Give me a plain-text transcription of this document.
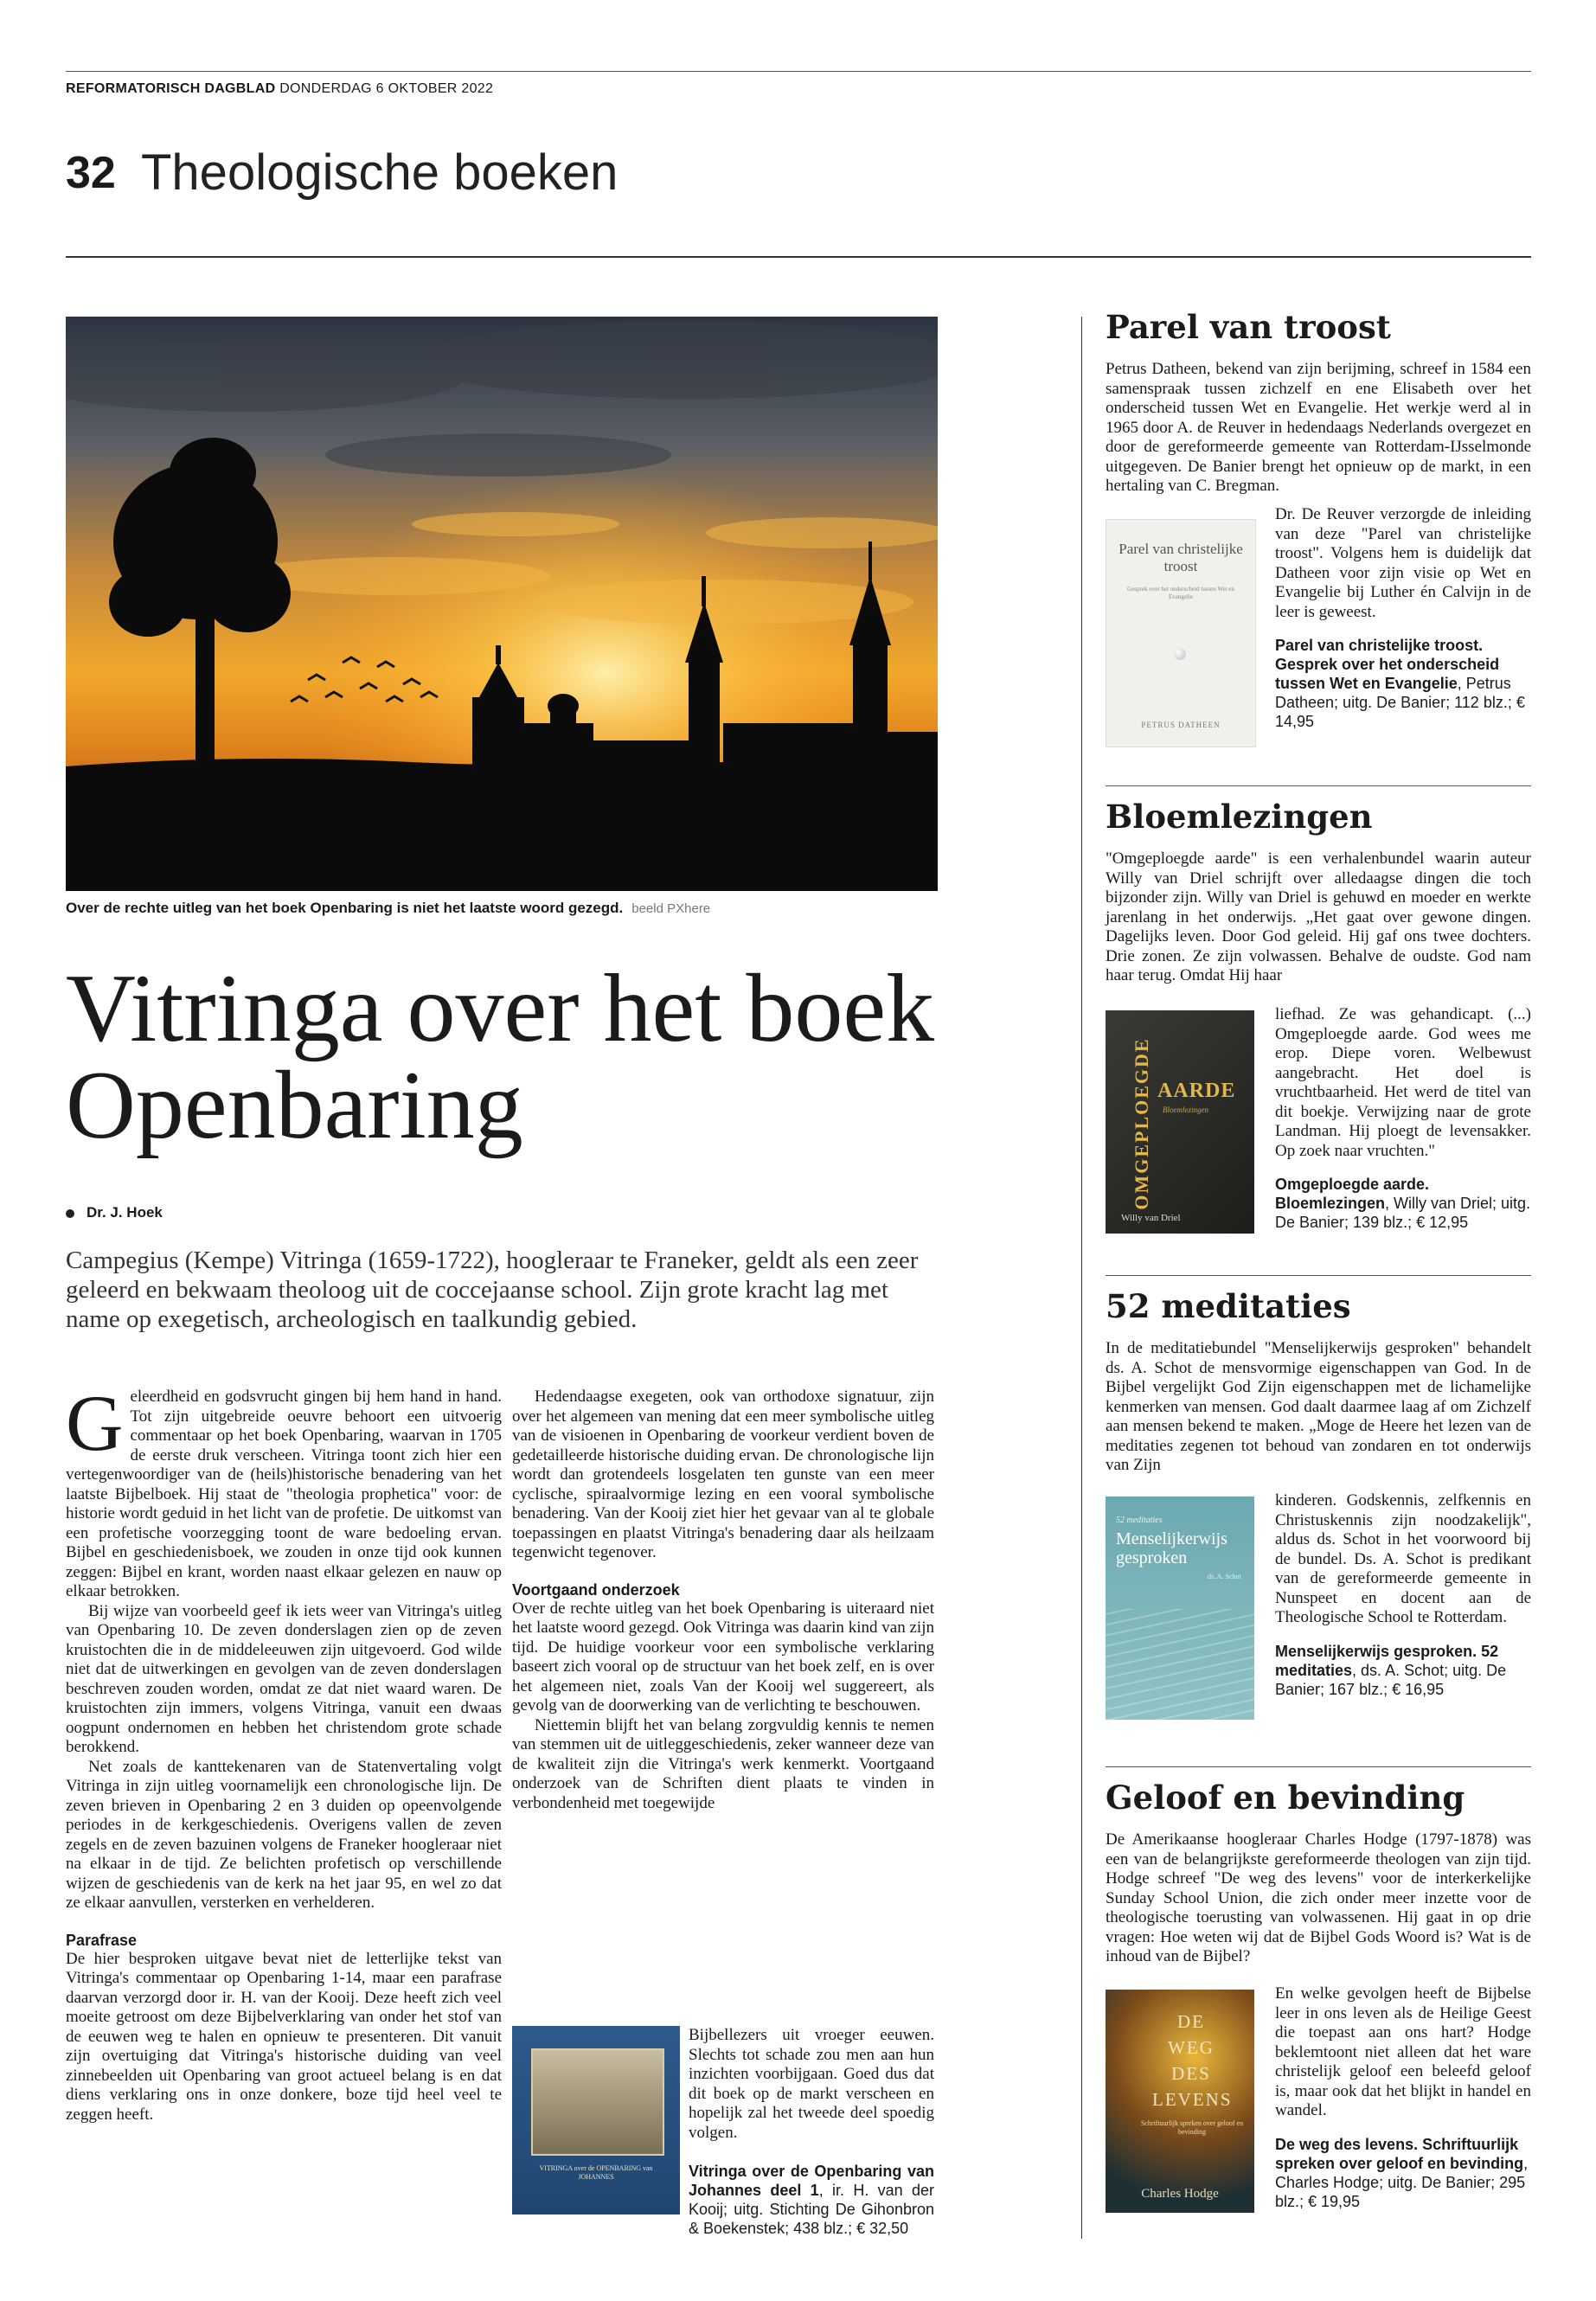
REFORMATORISCH DAGBLAD DONDERDAG 6 OKTOBER 2022
32 Theologische boeken
Over de rechte uitleg van het boek Openbaring is niet het laatste woord gezegd. beeld PXhere
Vitringa over het boek Openbaring
Dr. J. Hoek
Campegius (Kempe) Vitringa (1659-1722), hoogleraar te Franeker, geldt als een zeer geleerd en bekwaam theoloog uit de coccejaanse school. Zijn grote kracht lag met name op exegetisch, archeologisch en taalkundig gebied.

Geleerdheid en godsvrucht gingen bij hem hand in hand. Tot zijn uitgebreide oeuvre behoort een uitvoerig commentaar op het boek Openbaring, waarvan in 1705 de eerste druk verscheen. Vitringa toont zich hier een vertegenwoordiger van de (heils)historische benadering van het laatste Bijbelboek. Hij staat de "theologia prophetica" voor: de historie wordt geduid in het licht van de profetie. De uitkomst van een profetische voorzegging toont de ware bedoeling ervan. Bijbel en geschiedenisboek, we zouden in onze tijd ook kunnen zeggen: Bijbel en krant, worden naast elkaar gelezen en nauw op elkaar betrokken.

Bij wijze van voorbeeld geef ik iets weer van Vitringa's uitleg van Openbaring 10. De zeven donderslagen zien op de zeven kruistochten die in de middeleeuwen zijn uitgevoerd. God wilde niet dat de uitwerkingen en gevolgen van de zeven donderslagen beschreven zouden worden, omdat ze dat niet waard waren. De kruistochten zijn immers, volgens Vitringa, vanuit een dwaas oogpunt ondernomen en hebben het christendom grote schade berokkend.

Net zoals de kanttekenaren van de Statenvertaling volgt Vitringa in zijn uitleg voornamelijk een chronologische lijn. De zeven brieven in Openbaring 2 en 3 duiden op opeenvolgende periodes in de kerkgeschiedenis. Overigens vallen de zeven zegels en de zeven bazuinen volgens de Franeker hoogleraar niet na elkaar in de tijd. Ze belichten profetisch op verschillende wijzen de geschiedenis van de kerk na het jaar 95, en wel zo dat ze elkaar aanvullen, versterken en verhelderen.

Parafrase

De hier besproken uitgave bevat niet de letterlijke tekst van Vitringa's commentaar op Openbaring 1-14, maar een parafrase daarvan verzorgd door ir. H. van der Kooij. Deze heeft zich veel moeite getroost om deze Bijbelverklaring van onder het stof van de eeuwen weg te halen en opnieuw te presenteren. Dit vanuit zijn overtuiging dat Vitringa's historische duiding van veel zinnebeelden uit Openbaring van groot actueel belang is en dat diens verklaring ons in onze donkere, boze tijd heel veel te zeggen heeft.

Hedendaagse exegeten, ook van orthodoxe signatuur, zijn over het algemeen van mening dat een meer symbolische uitleg van de visioenen in Openbaring de voorkeur verdient boven de gedetailleerde historische duiding ervan. De chronologische lijn wordt dan grotendeels losgelaten ten gunste van een meer cyclische, spiraalvormige lezing en een vooral symbolische benadering. Van der Kooij ziet hier het gevaar van al te globale toepassingen en plaatst Vitringa's benadering daar als heilzaam tegenwicht tegenover.

Voortgaand onderzoek

Over de rechte uitleg van het boek Openbaring is uiteraard niet het laatste woord gezegd. Ook Vitringa was daarin kind van zijn tijd. De huidige voorkeur voor een symbolische verklaring baseert zich vooral op de structuur van het boek zelf, en is over het algemeen niet, zoals Van der Kooij wel suggereert, als gevolg van de doorwerking van de verlichting te beschouwen.

Niettemin blijft het van belang zorgvuldig kennis te nemen van stemmen uit de uitleggeschiedenis, zeker wanneer deze van de kwaliteit zijn die Vitringa's werk kenmerkt. Voortgaand onderzoek van de Schriften dient plaats te vinden in verbondenheid met toegewijde

VITRINGA over de OPENBARING van JOHANNES

Bijbellezers uit vroeger eeuwen. Slechts tot schade zou men aan hun inzichten voorbijgaan. Goed dus dat dit boek op de markt verscheen en hopelijk zal het tweede deel spoedig volgen.

Vitringa over de Openbaring van Johannes deel 1, ir. H. van der Kooij; uitg. Stichting De Gihonbron & Boekenstek; 438 blz.; € 32,50
Parel van troost
Petrus Datheen, bekend van zijn berijming, schreef in 1584 een samenspraak tussen zichzelf en ene Elisabeth over het onderscheid tussen Wet en Evangelie. Het werkje werd al in 1965 door A. de Reuver in hedendaags Nederlands overgezet en door de gereformeerde gemeente van Rotterdam-IJsselmonde uitgegeven. De Banier brengt het opnieuw op de markt, in een hertaling van C. Bregman.
Parel van christelijke troost
Gesprek over het onderscheid tussen Wet en Evangelie
PETRUS DATHEEN
Dr. De Reuver verzorgde de inleiding van deze "Parel van christelijke troost". Volgens hem is duidelijk dat Datheen voor zijn visie op Wet en Evangelie bij Luther én Calvijn in de leer is geweest.
Parel van christelijke troost. Gesprek over het onderscheid tussen Wet en Evangelie, Petrus Datheen; uitg. De Banier; 112 blz.; € 14,95
Bloemlezingen
"Omgeploegde aarde" is een verhalenbundel waarin auteur Willy van Driel schrijft over alledaagse dingen die toch bijzonder zijn. Willy van Driel is gehuwd en moeder en werkte jarenlang in het onderwijs. „Het gaat over gewone dingen. Dagelijks leven. Door God geleid. Hij gaf ons twee dochters. Drie zonen. Ze zijn volwassen. Behalve de oudste. God nam haar terug. Omdat Hij haar
OMGEPLOEGDE AARDE
Bloemlezingen
Willy van Driel
liefhad. Ze was gehandicapt. (...) Omgeploegde aarde. God wees me erop. Diepe voren. Welbewust aangebracht. Het doel is vruchtbaarheid. Het werd de titel van dit boekje. Verwijzing naar de grote Landman. Hij ploegt de levensakker. Op zoek naar vruchten."
Omgeploegde aarde. Bloemlezingen, Willy van Driel; uitg. De Banier; 139 blz.; € 12,95
52 meditaties
In de meditatiebundel "Menselijkerwijs gesproken" behandelt ds. A. Schot de mensvormige eigenschappen van God. In de Bijbel vergelijkt God Zijn eigenschappen met de lichamelijke kenmerken van mensen. God daalt daarmee laag af om Zichzelf aan mensen bekend te maken. „Moge de Heere het lezen van de meditaties zegenen tot behoud van zondaren en tot onderwijs van Zijn
52 meditaties
Menselijkerwijs gesproken
ds. A. Schot
kinderen. Godskennis, zelfkennis en Christuskennis zijn noodzakelijk", aldus ds. Schot in het voorwoord bij de bundel. Ds. A. Schot is predikant van de gereformeerde gemeente in Nunspeet en docent aan de Theologische School te Rotterdam.
Menselijkerwijs gesproken. 52 meditaties, ds. A. Schot; uitg. De Banier; 167 blz.; € 16,95
Geloof en bevinding
De Amerikaanse hoogleraar Charles Hodge (1797-1878) was een van de belangrijkste gereformeerde theologen van zijn tijd. Hodge schreef "De weg des levens" voor de interkerkelijke Sunday School Union, die zich onder meer inzette voor de theologische toerusting van volwassenen. Hij gaat in op drie vragen: Hoe weten wij dat de Bijbel Gods Woord is? Wat is de inhoud van de Bijbel?
DE WEG DES LEVENS
Schriftuurlijk spreken over geloof en bevinding
Charles Hodge
En welke gevolgen heeft de Bijbelse leer in ons leven als de Heilige Geest die toepast aan ons hart? Hodge beklemtoont niet alleen dat het ware christelijk geloof een beleefd geloof is, maar ook dat het blijkt in handel en wandel.
De weg des levens. Schriftuurlijk spreken over geloof en bevinding, Charles Hodge; uitg. De Banier; 295 blz.; € 19,95
